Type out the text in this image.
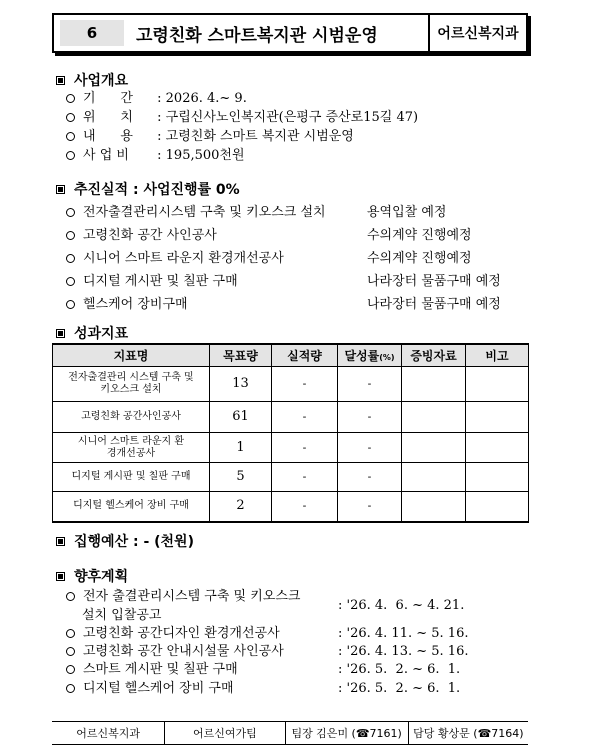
6	고령친화 스마트복지관 시범운영	어르신복지과
사업개요
기      간 : 2026. 4.~ 9.
위      치 : 구립신사노인복지관(은평구 증산로15길 47)
내      용 : 고령친화 스마트 복지관 시범운영
사 업 비 : 195,500천원
추진실적 : 사업진행률 0%
전자출결관리시스템 구축 및 키오스크 설치	용역입찰 예정
고령친화 공간 사인공사	수의계약 진행예정
시니어 스마트 라운지 환경개선공사	수의계약 진행예정
디지털 게시판 및 칠판 구매	나라장터 물품구매 예정
헬스케어 장비구매	나라장터 물품구매 예정
성과지표
지표명	목표량	실적량	달성률(%)	증빙자료	비고
전자출결관리 시스템 구축 및 키오스크 설치	13	-	-		
고령친화 공간사인공사	61	-	-		
시니어 스마트 라운지 환경개선공사	1	-	-		
디지털 게시판 및 칠판 구매	5	-	-		
디지털 헬스케어 장비 구매	2	-	-		
집행예산 : - (천원)
향후계획
전자 출결관리시스템 구축 및 키오스크
설치 입찰공고
: '26. 4.  6. ~ 4. 21.
고령친화 공간디자인 환경개선공사	: '26. 4. 11. ~ 5. 16.
고령친화 공간 안내시설물 사인공사	: '26. 4. 13. ~ 5. 16.
스마트 게시판 및 칠판 구매	: '26. 5.  2. ~ 6.  1.
디지털 헬스케어 장비 구매	: '26. 5.  2. ~ 6.  1.
어르신복지과	어르신여가팀	팀장 김은미 (☎7161)	담당 황상문 (☎7164)
